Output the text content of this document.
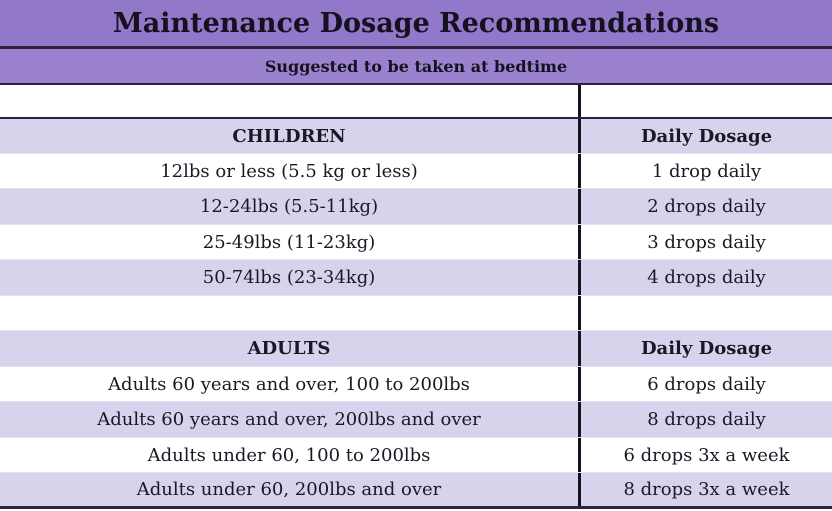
Maintenance Dosage Recommendations
Suggested to be taken at bedtime
CHILDREN	Daily Dosage
12lbs or less (5.5 kg or less)	1 drop daily
12-24lbs (5.5-11kg)	2 drops daily
25-49lbs (11-23kg)	3 drops daily
50-74lbs (23-34kg)	4 drops daily
ADULTS	Daily Dosage
Adults 60 years and over, 100 to 200lbs	6 drops daily
Adults 60 years and over, 200lbs and over	8 drops daily
Adults under 60, 100 to 200lbs	6 drops 3x a week
Adults under 60, 200lbs and over	8 drops 3x a week
